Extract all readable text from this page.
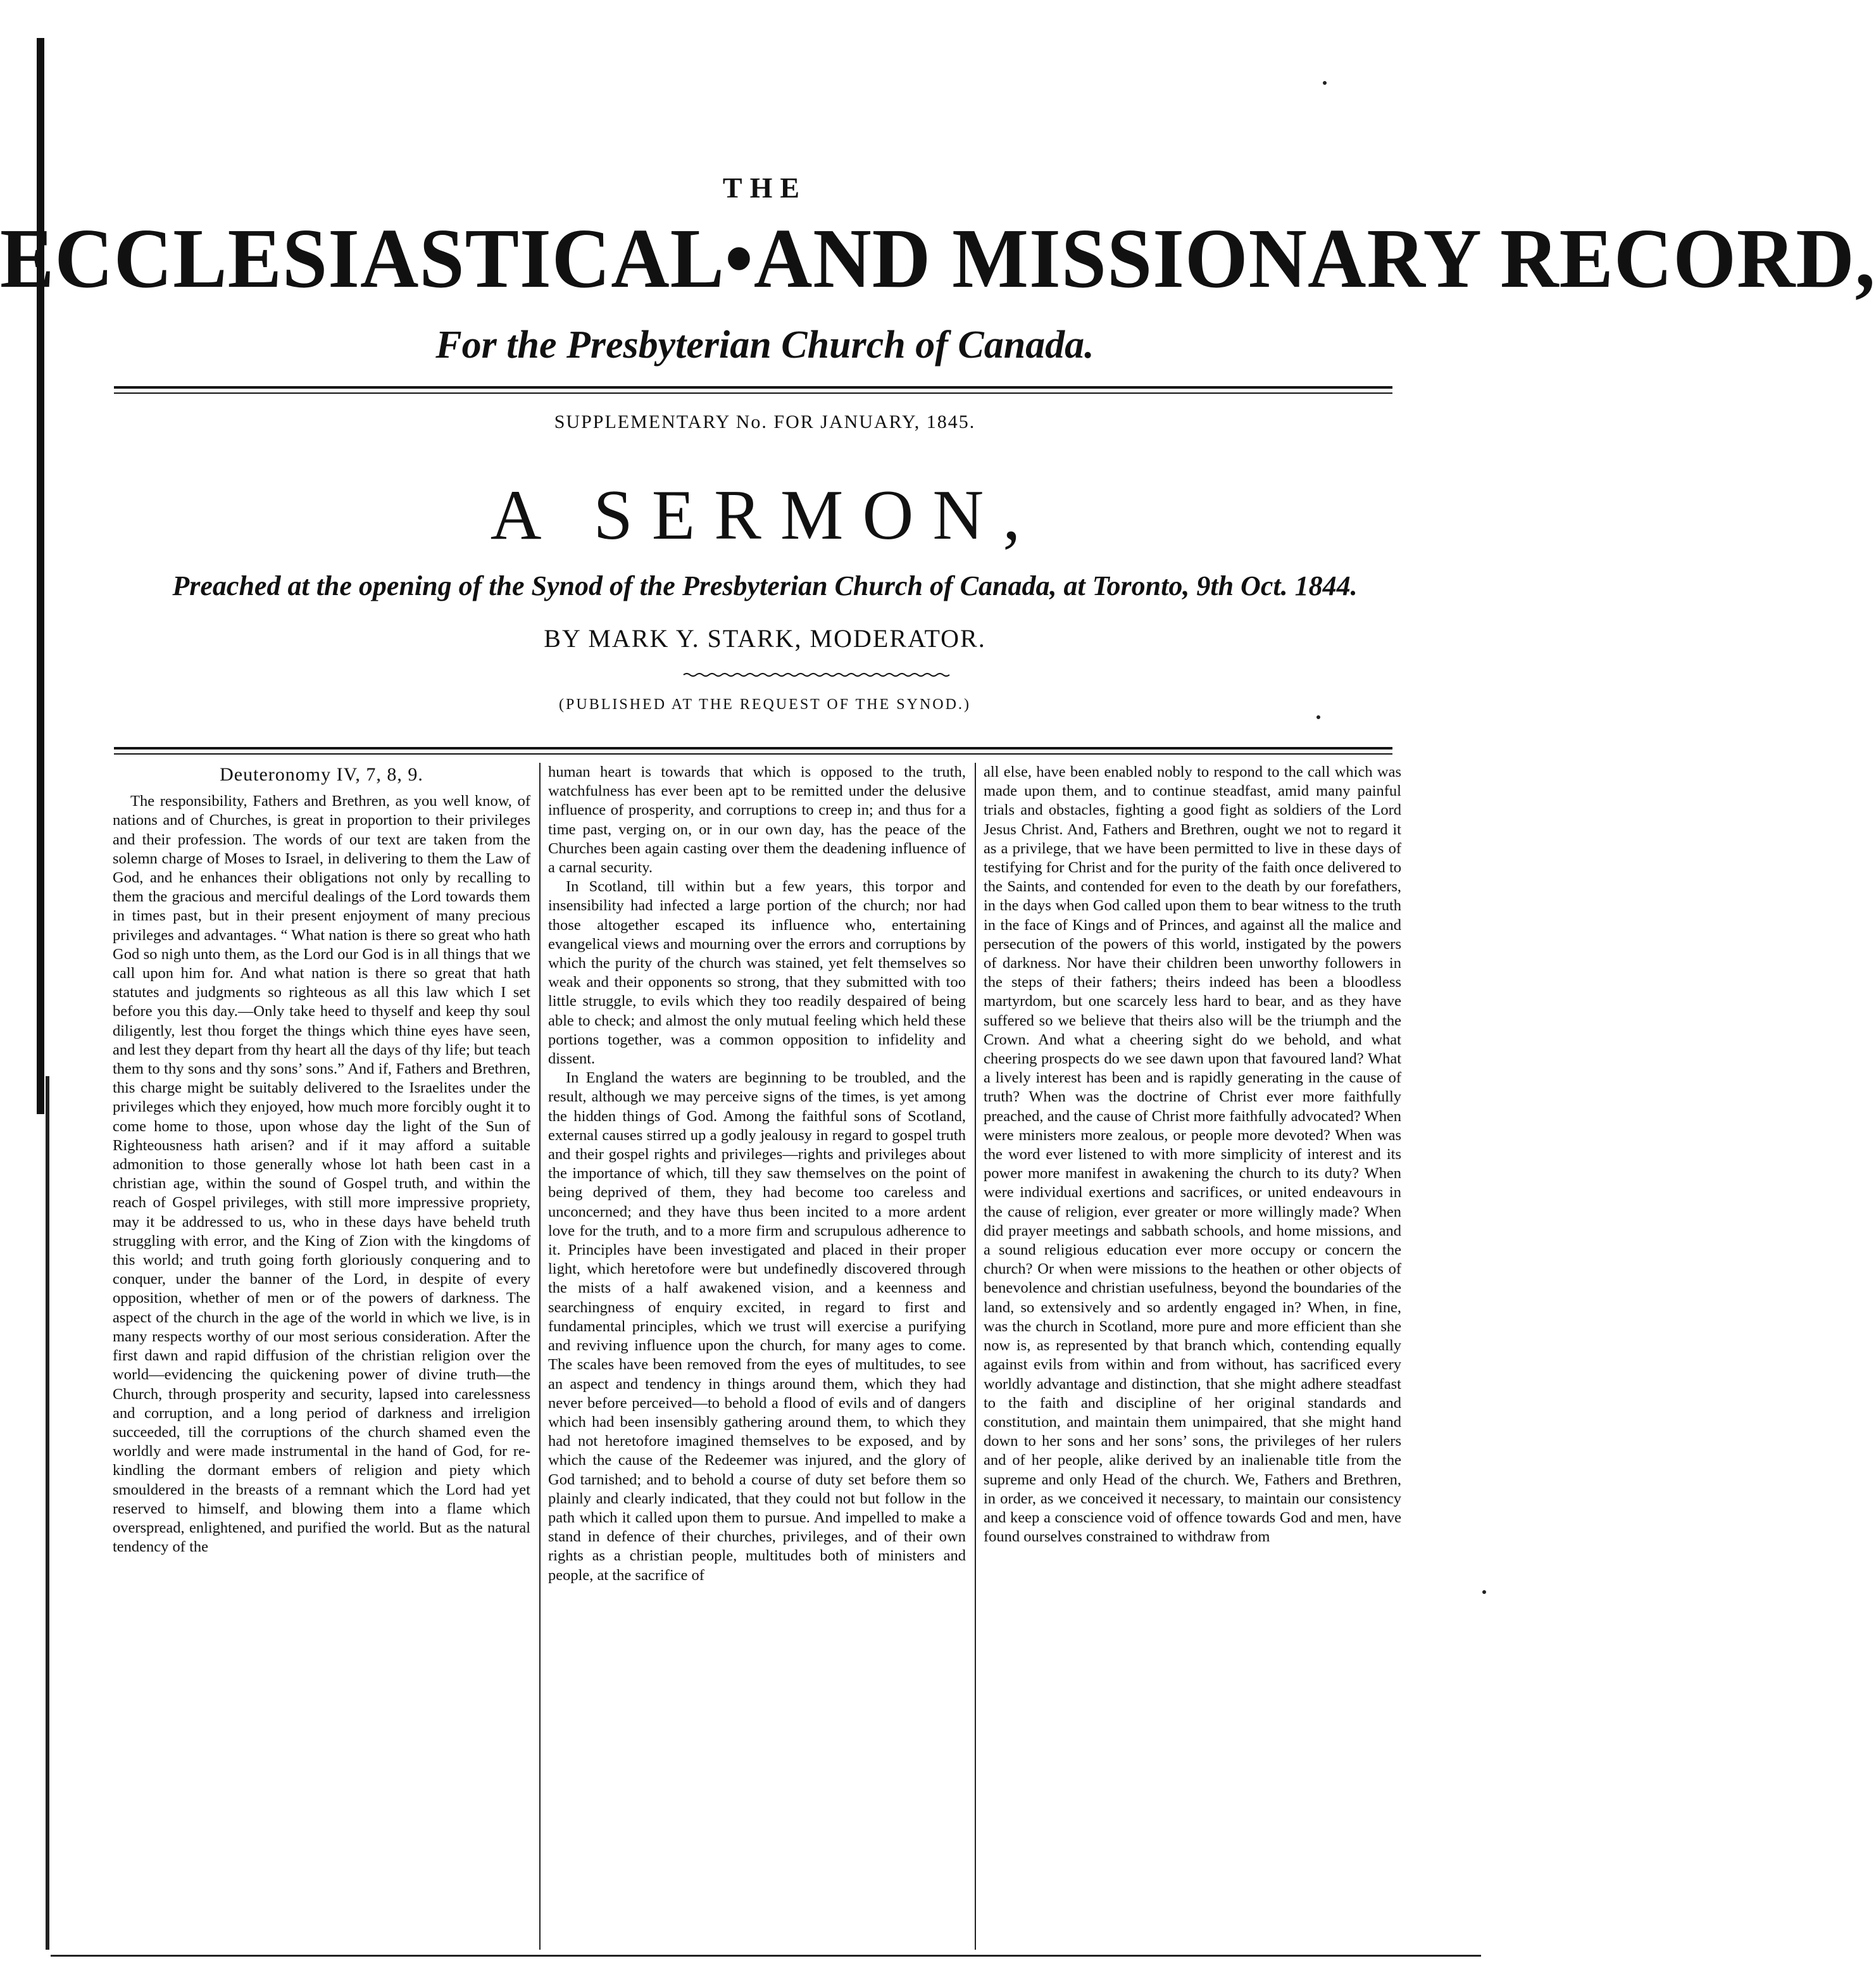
THE
ECCLESIASTICAL•AND MISSIONARY RECORD,
For the Presbyterian Church of Canada.
SUPPLEMENTARY No. FOR JANUARY, 1845.
A SERMON,
Preached at the opening of the Synod of the Presbyterian Church of Canada, at Toronto, 9th Oct. 1844.
BY MARK Y. STARK, MODERATOR.
(PUBLISHED AT THE REQUEST OF THE SYNOD.)
Deuteronomy IV, 7, 8, 9.

The responsibility, Fathers and Brethren, as you well know, of nations and of Churches, is great in proportion to their privileges and their profession. The words of our text are taken from the solemn charge of Moses to Israel, in delivering to them the Law of God, and he enhances their obligations not only by recalling to them the gracious and merciful dealings of the Lord towards them in times past, but in their present enjoyment of many precious privileges and advantages. “ What nation is there so great who hath God so nigh unto them, as the Lord our God is in all things that we call upon him for. And what nation is there so great that hath statutes and judgments so righteous as all this law which I set before you this day.—Only take heed to thyself and keep thy soul diligently, lest thou forget the things which thine eyes have seen, and lest they depart from thy heart all the days of thy life; but teach them to thy sons and thy sons’ sons.” And if, Fathers and Brethren, this charge might be suitably delivered to the Israelites under the privileges which they enjoyed, how much more forcibly ought it to come home to those, upon whose day the light of the Sun of Righteousness hath arisen? and if it may afford a suitable admonition to those generally whose lot hath been cast in a christian age, within the sound of Gospel truth, and within the reach of Gospel privileges, with still more impressive propriety, may it be addressed to us, who in these days have beheld truth struggling with error, and the King of Zion with the kingdoms of this world; and truth going forth gloriously conquering and to conquer, under the banner of the Lord, in despite of every opposition, whether of men or of the powers of darkness. The aspect of the church in the age of the world in which we live, is in many respects worthy of our most serious consideration. After the first dawn and rapid diffusion of the christian religion over the world—evidencing the quickening power of divine truth—the Church, through prosperity and security, lapsed into carelessness and corruption, and a long period of darkness and irreligion succeeded, till the corruptions of the church shamed even the worldly and were made instrumental in the hand of God, for re-kindling the dormant embers of religion and piety which smouldered in the breasts of a remnant which the Lord had yet reserved to himself, and blowing them into a flame which overspread, enlightened, and purified the world. But as the natural tendency of the

human heart is towards that which is opposed to the truth, watchfulness has ever been apt to be remitted under the delusive influence of prosperity, and corruptions to creep in; and thus for a time past, verging on, or in our own day, has the peace of the Churches been again casting over them the deadening influence of a carnal security.

In Scotland, till within but a few years, this torpor and insensibility had infected a large portion of the church; nor had those altogether escaped its influence who, entertaining evangelical views and mourning over the errors and corruptions by which the purity of the church was stained, yet felt themselves so weak and their opponents so strong, that they submitted with too little struggle, to evils which they too readily despaired of being able to check; and almost the only mutual feeling which held these portions together, was a common opposition to infidelity and dissent.

In England the waters are beginning to be troubled, and the result, although we may perceive signs of the times, is yet among the hidden things of God. Among the faithful sons of Scotland, external causes stirred up a godly jealousy in regard to gospel truth and their gospel rights and privileges—rights and privileges about the importance of which, till they saw themselves on the point of being deprived of them, they had become too careless and unconcerned; and they have thus been incited to a more ardent love for the truth, and to a more firm and scrupulous adherence to it. Principles have been investigated and placed in their proper light, which heretofore were but undefinedly discovered through the mists of a half awakened vision, and a keenness and searchingness of enquiry excited, in regard to first and fundamental principles, which we trust will exercise a purifying and reviving influence upon the church, for many ages to come. The scales have been removed from the eyes of multitudes, to see an aspect and tendency in things around them, which they had never before perceived—to behold a flood of evils and of dangers which had been insensibly gathering around them, to which they had not heretofore imagined themselves to be exposed, and by which the cause of the Redeemer was injured, and the glory of God tarnished; and to behold a course of duty set before them so plainly and clearly indicated, that they could not but follow in the path which it called upon them to pursue. And impelled to make a stand in defence of their churches, privileges, and of their own rights as a christian people, multitudes both of ministers and people, at the sacrifice of

all else, have been enabled nobly to respond to the call which was made upon them, and to continue steadfast, amid many painful trials and obstacles, fighting a good fight as soldiers of the Lord Jesus Christ. And, Fathers and Brethren, ought we not to regard it as a privilege, that we have been permitted to live in these days of testifying for Christ and for the purity of the faith once delivered to the Saints, and contended for even to the death by our forefathers, in the days when God called upon them to bear witness to the truth in the face of Kings and of Princes, and against all the malice and persecution of the powers of this world, instigated by the powers of darkness. Nor have their children been unworthy followers in the steps of their fathers; theirs indeed has been a bloodless martyrdom, but one scarcely less hard to bear, and as they have suffered so we believe that theirs also will be the triumph and the Crown. And what a cheering sight do we behold, and what cheering prospects do we see dawn upon that favoured land? What a lively interest has been and is rapidly generating in the cause of truth? When was the doctrine of Christ ever more faithfully preached, and the cause of Christ more faithfully advocated? When were ministers more zealous, or people more devoted? When was the word ever listened to with more simplicity of interest and its power more manifest in awakening the church to its duty? When were individual exertions and sacrifices, or united endeavours in the cause of religion, ever greater or more willingly made? When did prayer meetings and sabbath schools, and home missions, and a sound religious education ever more occupy or concern the church? Or when were missions to the heathen or other objects of benevolence and christian usefulness, beyond the boundaries of the land, so extensively and so ardently engaged in? When, in fine, was the church in Scotland, more pure and more efficient than she now is, as represented by that branch which, contending equally against evils from within and from without, has sacrificed every worldly advantage and distinction, that she might adhere steadfast to the faith and discipline of her original standards and constitution, and maintain them unimpaired, that she might hand down to her sons and her sons’ sons, the privileges of her rulers and of her people, alike derived by an inalienable title from the supreme and only Head of the church. We, Fathers and Brethren, in order, as we conceived it necessary, to maintain our consistency and keep a conscience void of offence towards God and men, have found ourselves constrained to withdraw from
